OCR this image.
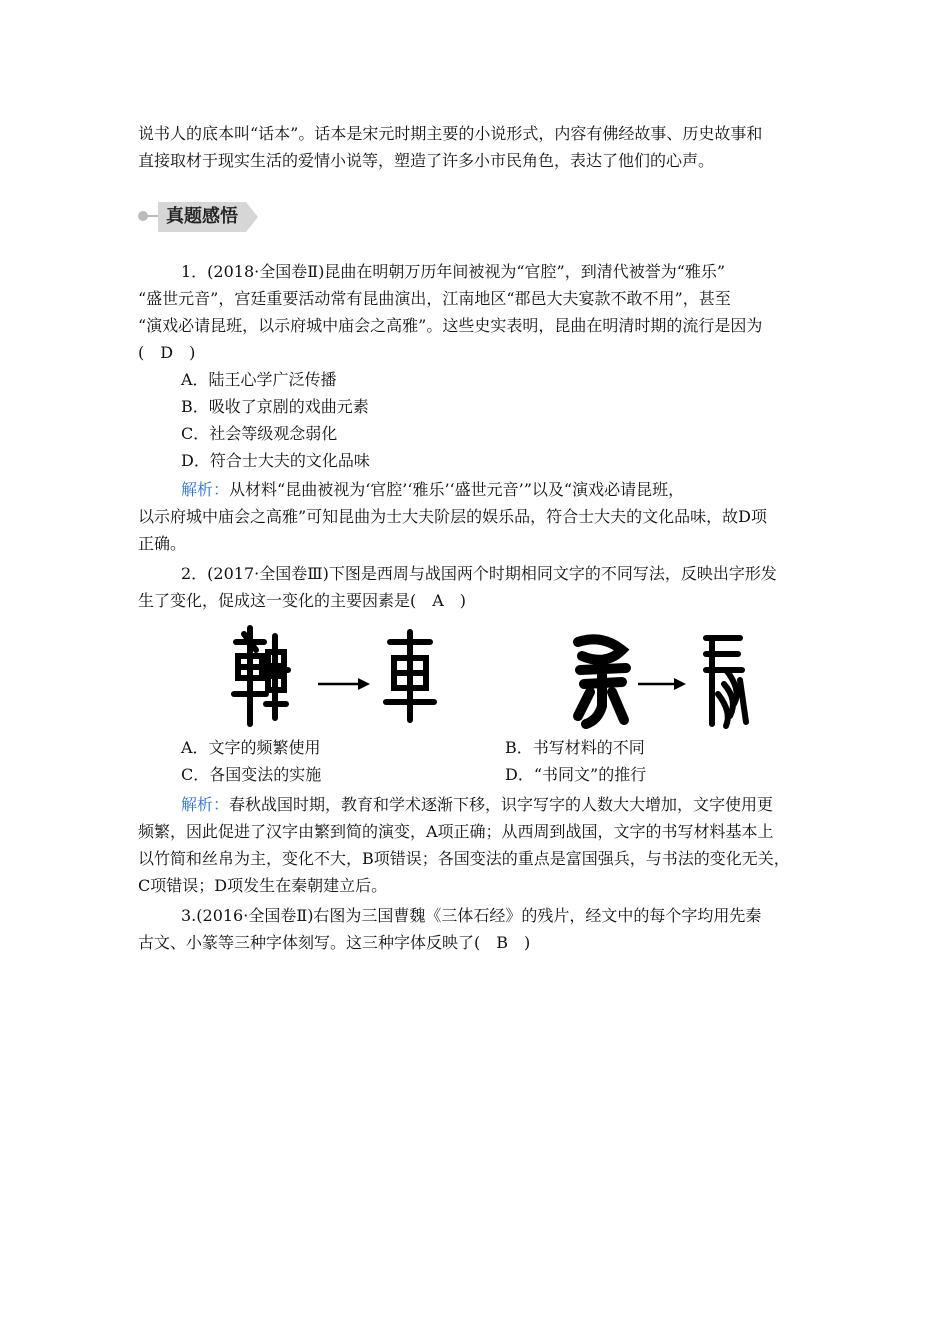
说书人的底本叫“话本”。话本是宋元时期主要的小说形式，内容有佛经故事、历史故事和

直接取材于现实生活的爱情小说等，塑造了许多小市民角色，表达了他们的心声。

真题感悟

1．(2018·全国卷Ⅱ)昆曲在明朝万历年间被视为“官腔”，到清代被誉为“雅乐”

“盛世元音”，宫廷重要活动常有昆曲演出，江南地区“郡邑大夫宴款不敢不用”，甚至

“演戏必请昆班，以示府城中庙会之高雅”。这些史实表明，昆曲在明清时期的流行是因为

(　D　)

A．陆王心学广泛传播

B．吸收了京剧的戏曲元素

C．社会等级观念弱化

D．符合士大夫的文化品味

解析：从材料“昆曲被视为‘官腔’‘雅乐’‘盛世元音’”以及“演戏必请昆班，

以示府城中庙会之高雅”可知昆曲为士大夫阶层的娱乐品，符合士大夫的文化品味，故D项

正确。

2．(2017·全国卷Ⅲ)下图是西周与战国两个时期相同文字的不同写法，反映出字形发

生了变化，促成这一变化的主要因素是(　A　)

A．文字的频繁使用	B．书写材料的不同

C．各国变法的实施	D．“书同文”的推行

解析：春秋战国时期，教育和学术逐渐下移，识字写字的人数大大增加，文字使用更

频繁，因此促进了汉字由繁到简的演变，A项正确；从西周到战国，文字的书写材料基本上

以竹简和丝帛为主，变化不大，B项错误；各国变法的重点是富国强兵，与书法的变化无关，

C项错误；D项发生在秦朝建立后。

3.(2016·全国卷Ⅱ)右图为三国曹魏《三体石经》的残片，经文中的每个字均用先秦

古文、小篆等三种字体刻写。这三种字体反映了(　B　)
